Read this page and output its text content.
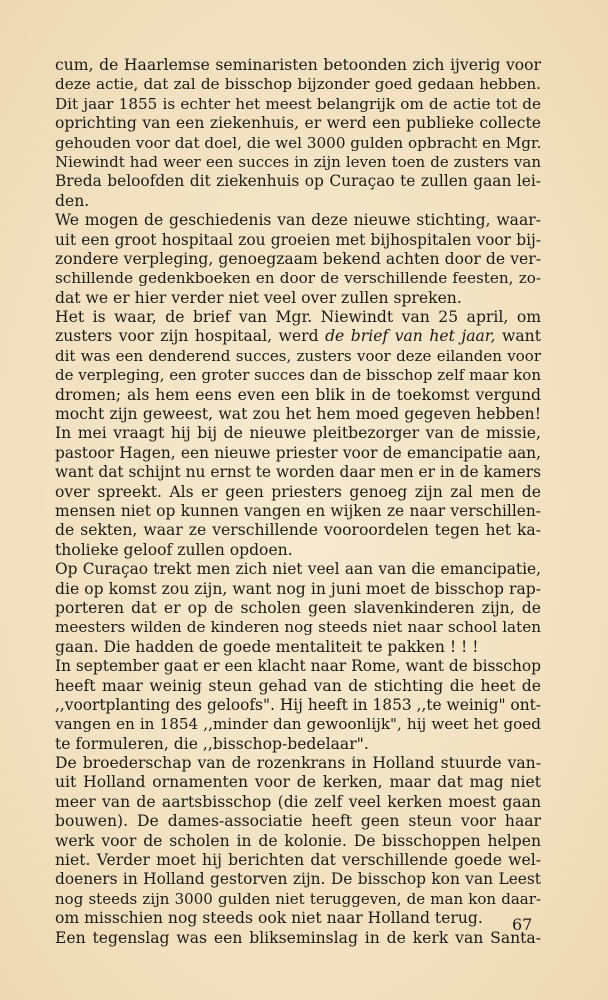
cum, de Haarlemse seminaristen betoonden zich ijverig voor
deze actie, dat zal de bisschop bijzonder goed gedaan hebben.
Dit jaar 1855 is echter het meest belangrijk om de actie tot de
oprichting van een ziekenhuis, er werd een publieke collecte
gehouden voor dat doel, die wel 3000 gulden opbracht en Mgr.
Niewindt had weer een succes in zijn leven toen de zusters van
Breda beloofden dit ziekenhuis op Curaçao te zullen gaan lei-
den.
We mogen de geschiedenis van deze nieuwe stichting, waar-
uit een groot hospitaal zou groeien met bijhospitalen voor bij-
zondere verpleging, genoegzaam bekend achten door de ver-
schillende gedenkboeken en door de verschillende feesten, zo-
dat we er hier verder niet veel over zullen spreken.
Het is waar, de brief van Mgr. Niewindt van 25 april, om
zusters voor zijn hospitaal, werd de brief van het jaar, want
dit was een denderend succes, zusters voor deze eilanden voor
de verpleging, een groter succes dan de bisschop zelf maar kon
dromen; als hem eens even een blik in de toekomst vergund
mocht zijn geweest, wat zou het hem moed gegeven hebben!
In mei vraagt hij bij de nieuwe pleitbezorger van de missie,
pastoor Hagen, een nieuwe priester voor de emancipatie aan,
want dat schijnt nu ernst te worden daar men er in de kamers
over spreekt. Als er geen priesters genoeg zijn zal men de
mensen niet op kunnen vangen en wijken ze naar verschillen-
de sekten, waar ze verschillende vooroordelen tegen het ka-
tholieke geloof zullen opdoen.
Op Curaçao trekt men zich niet veel aan van die emancipatie,
die op komst zou zijn, want nog in juni moet de bisschop rap-
porteren dat er op de scholen geen slavenkinderen zijn, de
meesters wilden de kinderen nog steeds niet naar school laten
gaan. Die hadden de goede mentaliteit te pakken ! ! !
In september gaat er een klacht naar Rome, want de bisschop
heeft maar weinig steun gehad van de stichting die heet de
,,voortplanting des geloofs". Hij heeft in 1853 ,,te weinig" ont-
vangen en in 1854 ,,minder dan gewoonlijk", hij weet het goed
te formuleren, die ,,bisschop-bedelaar".
De broederschap van de rozenkrans in Holland stuurde van-
uit Holland ornamenten voor de kerken, maar dat mag niet
meer van de aartsbisschop (die zelf veel kerken moest gaan
bouwen). De dames-associatie heeft geen steun voor haar
werk voor de scholen in de kolonie. De bisschoppen helpen
niet. Verder moet hij berichten dat verschillende goede wel-
doeners in Holland gestorven zijn. De bisschop kon van Leest
nog steeds zijn 3000 gulden niet teruggeven, de man kon daar-
om misschien nog steeds ook niet naar Holland terug.
Een tegenslag was een blikseminslag in de kerk van Santa-
67
